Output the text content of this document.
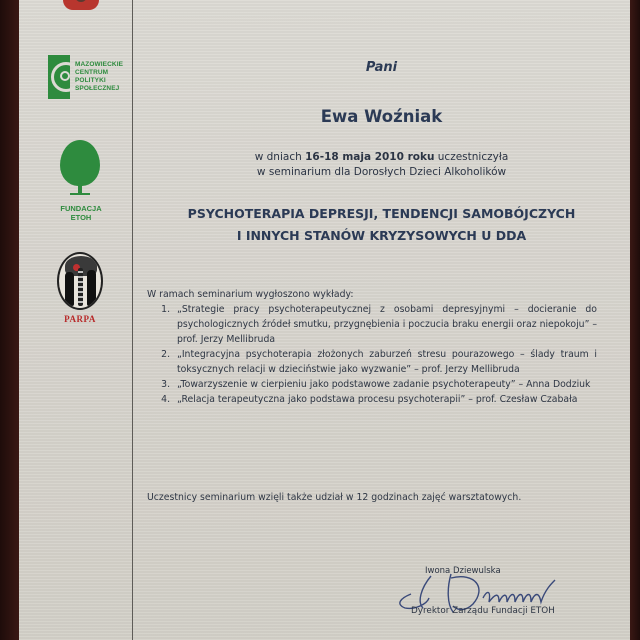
MAZOWIECKIE
CENTRUM
POLITYKI
SPOŁECZNEJ
FUNDACJA
ETOH
PARPA
Pani
Ewa Woźniak
w dniach 16-18 maja 2010 roku uczestniczyła
w seminarium dla Dorosłych Dzieci Alkoholików
PSYCHOTERAPIA DEPRESJI, TENDENCJI SAMOBÓJCZYCH
I INNYCH STANÓW KRYZYSOWYCH U DDA
W ramach seminarium wygłoszono wykłady:
1. „Strategie pracy psychoterapeutycznej z osobami depresyjnymi – docieranie do psychologicznych źródeł smutku, przygnębienia i poczucia braku energii oraz niepokoju” – prof. Jerzy Mellibruda
2. „Integracyjna psychoterapia złożonych zaburzeń stresu pourazowego – ślady traum i toksycznych relacji w dzieciństwie jako wyzwanie” – prof. Jerzy Mellibruda
3. „Towarzyszenie w cierpieniu jako podstawowe zadanie psychoterapeuty” – Anna Dodziuk
4. „Relacja terapeutyczna jako podstawa procesu psychoterapii” – prof. Czesław Czabała
Uczestnicy seminarium wzięli także udział w 12 godzinach zajęć warsztatowych.
Iwona Dziewulska
Dyrektor Zarządu Fundacji ETOH
